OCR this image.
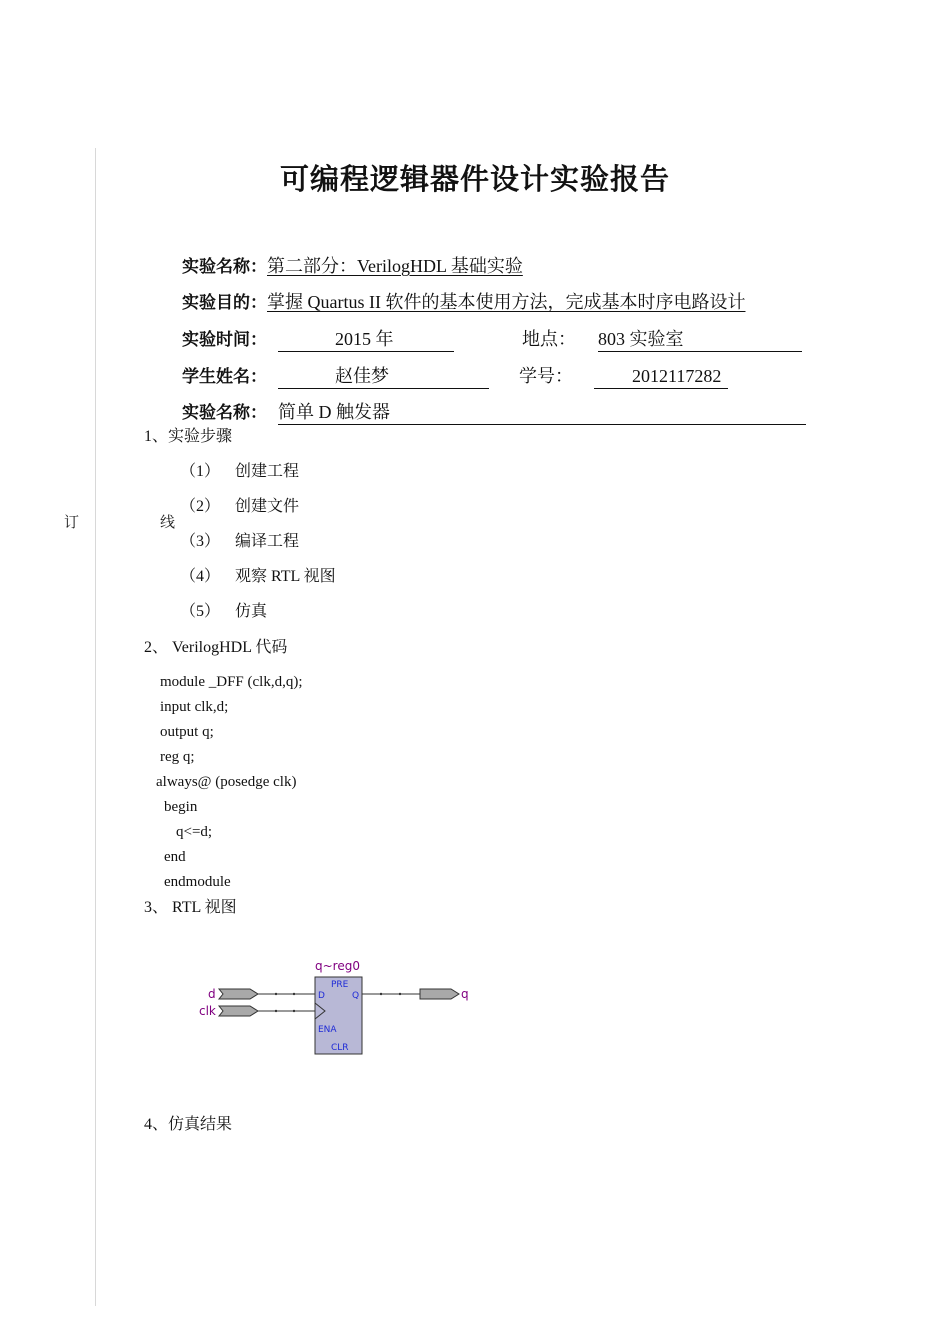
订	线
可编程逻辑器件设计实验报告
实验名称：第二部分：VerilogHDL 基础实验
实验目的：掌握 Quartus II 软件的基本使用方法，完成基本时序电路设计
实验时间：	2015 年	地点： 803 实验室
学生姓名：	赵佳梦	学号：	2012117282
实验名称： 简单 D 触发器
1、实验步骤
（1） 创建工程
（2） 创建文件
（3） 编译工程
（4） 观察 RTL 视图
（5） 仿真
2、 VerilogHDL 代码
module _DFF (clk,d,q);
input clk,d;
output q;
reg q;
always@ (posedge clk)
begin
q<=d;
end
endmodule
3、 RTL 视图
q~reg0
PRE
D	Q
ENA
CLR
d
clk
q
4、仿真结果
